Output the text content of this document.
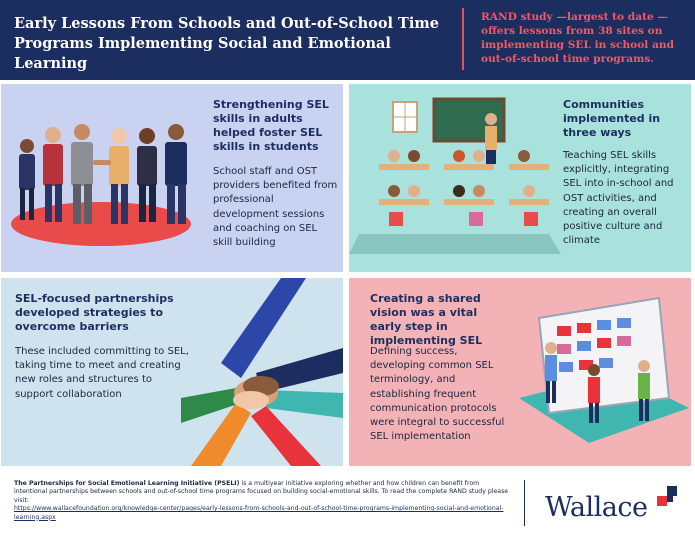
Early Lessons From Schools and Out-of-School Time Programs Implementing Social and Emotional Learning
RAND study —largest to date — offers lessons from 38 sites on implementing SEL in school and out-of-school time programs.
Strengthening SEL skills in adults helped foster SEL skills in students
School staff and OST providers benefited from professional development sessions and coaching on SEL skill building
Communities implemented in three ways
Teaching SEL skills explicitly, integrating SEL into in-school and OST activities, and creating an overall positive culture and climate
SEL-focused partnerships developed strategies to overcome barriers
These included committing to SEL, taking time to meet and creating new roles and structures to support collaboration
Creating a shared vision was a vital early step in implementing SEL
Defining success, developing common SEL terminology, and establishing frequent communication protocols were integral to successful SEL implementation
The Partnerships for Social Emotional Learning Initiative (PSELI) is a multiyear initiative exploring whether and how children can benefit from intentional partnerships between schools and out-of-school time programs focused on building social-emotional skills. To read the complete RAND study please visit:
https://www.wallacefoundation.org/knowledge-center/pages/early-lessons-from-schools-and-out-of-school-time-programs-implementing-social-and-emotional-learning.aspx	Wallace
